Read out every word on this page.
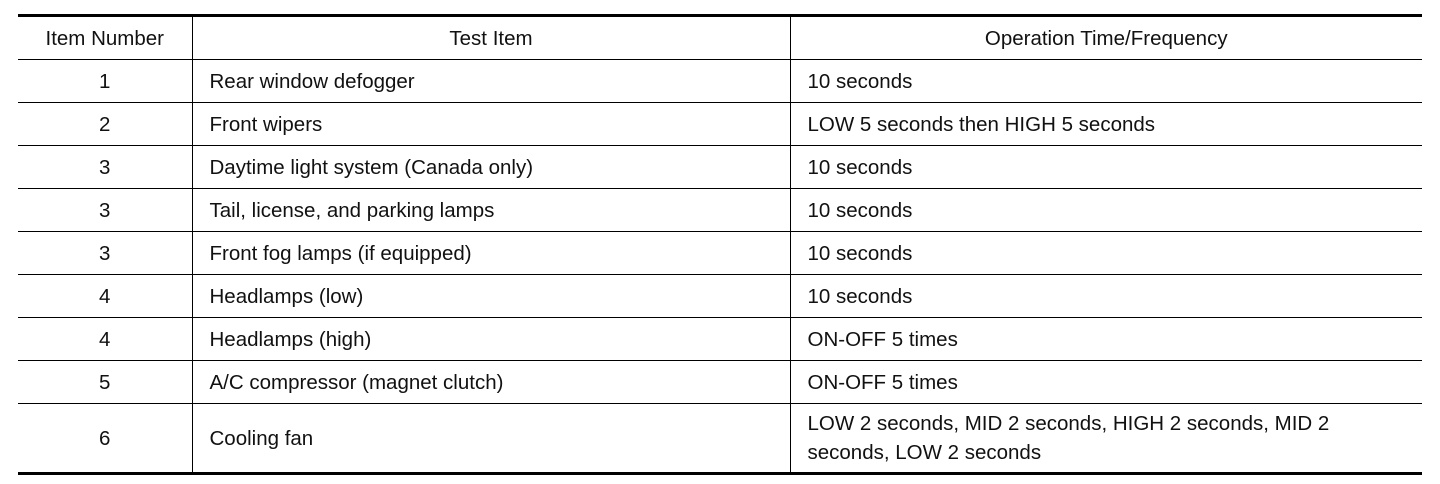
Item Number	Test Item	Operation Time/Frequency
1	Rear window defogger	10 seconds
2	Front wipers	LOW 5 seconds then HIGH 5 seconds
3	Daytime light system (Canada only)	10 seconds
3	Tail, license, and parking lamps	10 seconds
3	Front fog lamps (if equipped)	10 seconds
4	Headlamps (low)	10 seconds
4	Headlamps (high)	ON-OFF 5 times
5	A/C compressor (magnet clutch)	ON-OFF 5 times
6	Cooling fan	LOW 2 seconds, MID 2 seconds, HIGH 2 seconds, MID 2 seconds, LOW 2 seconds
